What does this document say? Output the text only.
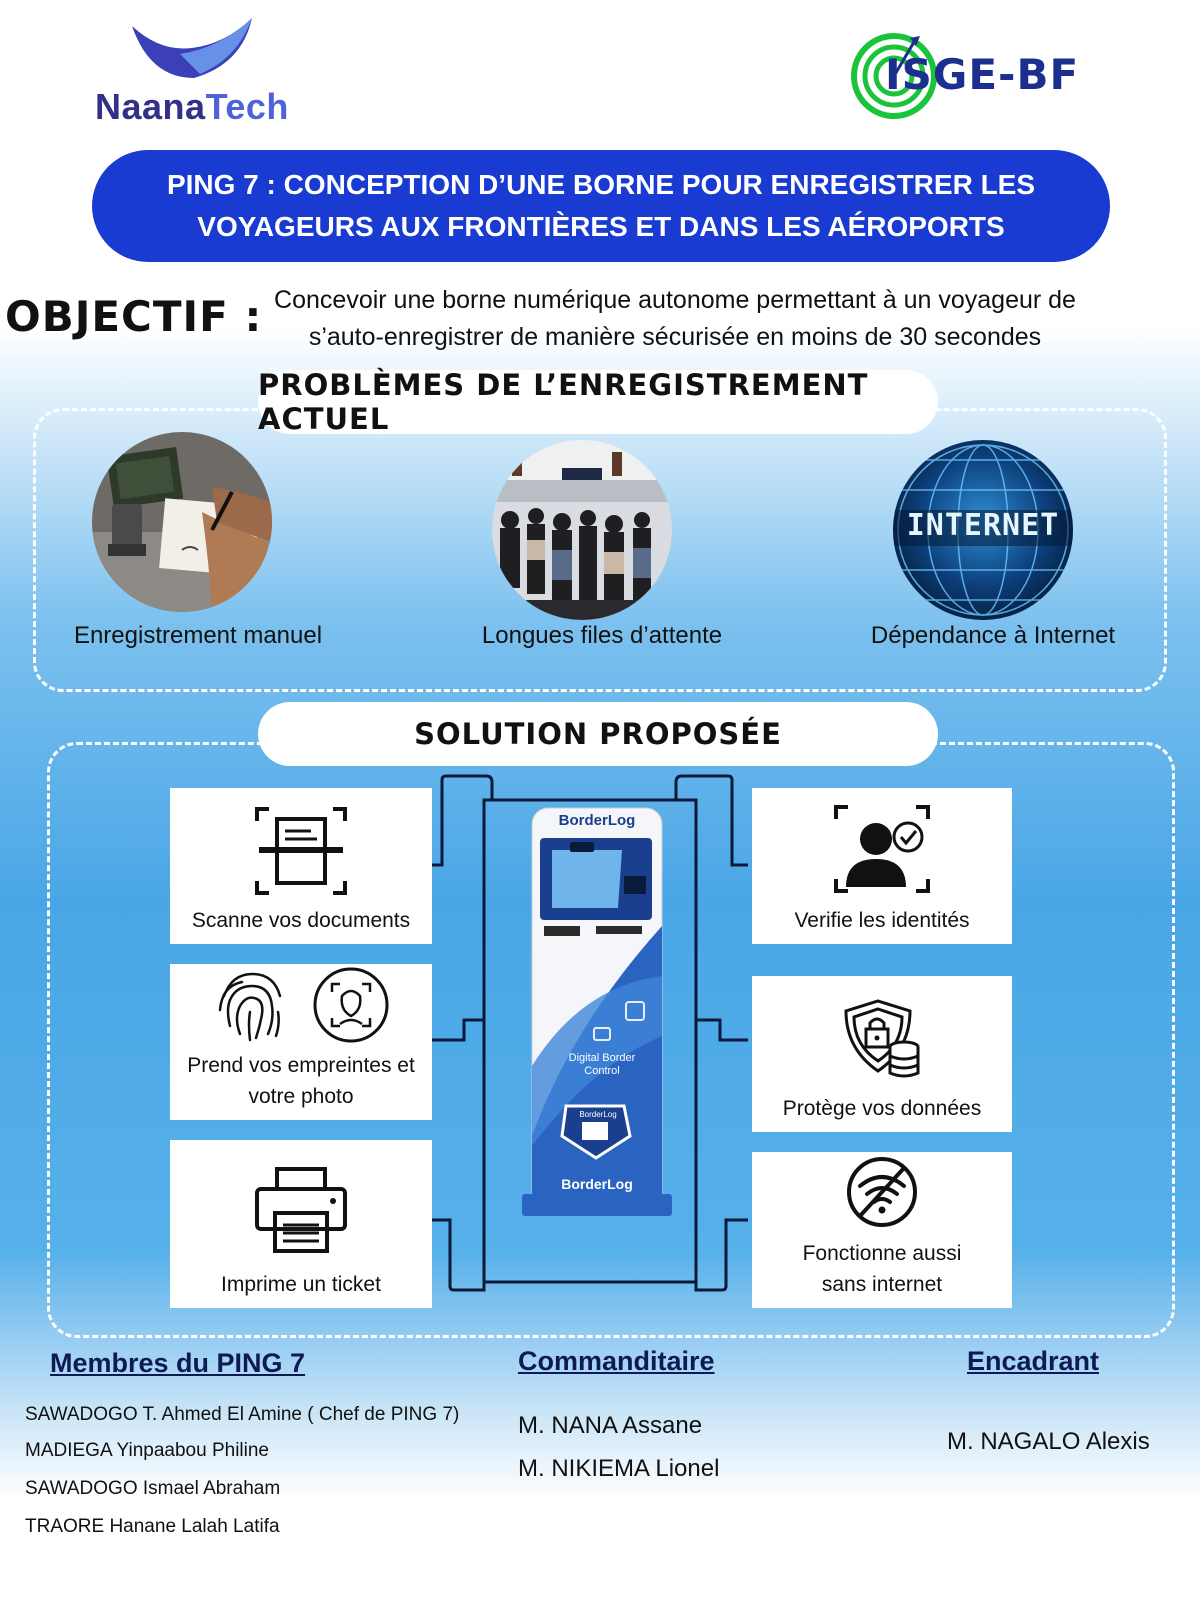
NaanaTech
ISGE-BF
PING 7 : CONCEPTION D’UNE BORNE POUR ENREGISTRER LES
VOYAGEURS AUX FRONTIÈRES ET DANS LES AÉROPORTS
OBJECTIF : Concevoir une borne numérique autonome permettant à un voyageur de
s’auto-enregistrer de manière sécurisée en moins de 30 secondes
PROBLÈMES DE L’ENREGISTREMENT ACTUEL
Enregistrement manuel	Longues files d’attente
INTERNET
Dépendance à Internet
SOLUTION PROPOSÉE
BorderLog
Digital Border
Control
BorderLog
BorderLog
Scanne vos documents
Prend vos empreintes et
votre photo
Imprime un ticket
Verifie les identités
Protège vos données
Fonctionne aussi
sans internet
Membres du PING 7
SAWADOGO T. Ahmed El Amine ( Chef de PING 7)
MADIEGA Yinpaabou Philine
SAWADOGO Ismael Abraham
TRAORE Hanane Lalah Latifa
Commanditaire
M. NANA Assane
M. NIKIEMA Lionel
Encadrant
M. NAGALO Alexis
